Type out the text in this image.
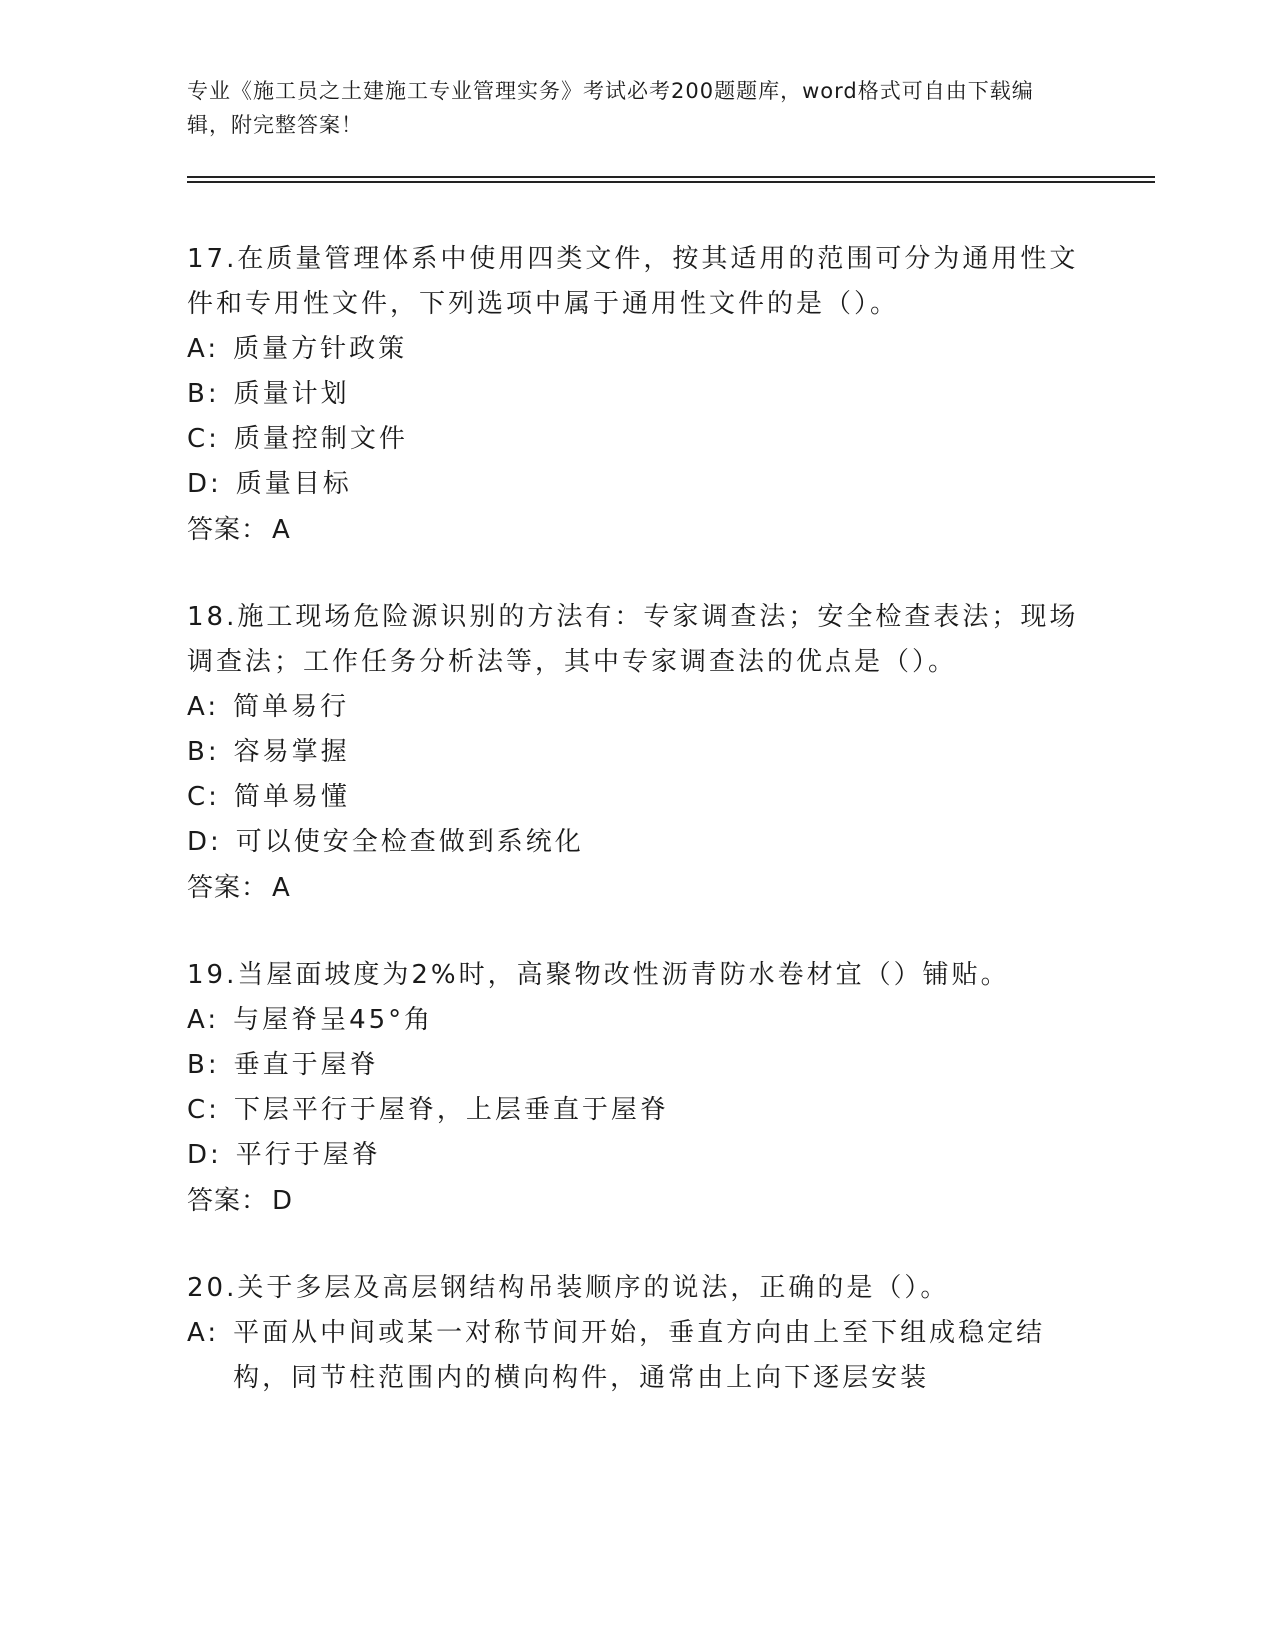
专业《施工员之土建施工专业管理实务》考试必考200题题库，word格式可自由下载编辑，附完整答案！
17.在质量管理体系中使用四类文件，按其适用的范围可分为通用性文件和专用性文件，下列选项中属于通用性文件的是（）。
A: 质量方针政策
B: 质量计划
C: 质量控制文件
D: 质量目标
答案： A
18.施工现场危险源识别的方法有：专家调查法；安全检查表法；现场调查法；工作任务分析法等，其中专家调查法的优点是（）。
A: 简单易行
B: 容易掌握
C: 简单易懂
D: 可以使安全检查做到系统化
答案： A
19.当屋面坡度为2%时，高聚物改性沥青防水卷材宜（）铺贴。
A: 与屋脊呈45°角
B: 垂直于屋脊
C: 下层平行于屋脊，上层垂直于屋脊
D: 平行于屋脊
答案： D
20.关于多层及高层钢结构吊装顺序的说法，正确的是（）。
A: 平面从中间或某一对称节间开始，垂直方向由上至下组成稳定结构，同节柱范围内的横向构件，通常由上向下逐层安装
